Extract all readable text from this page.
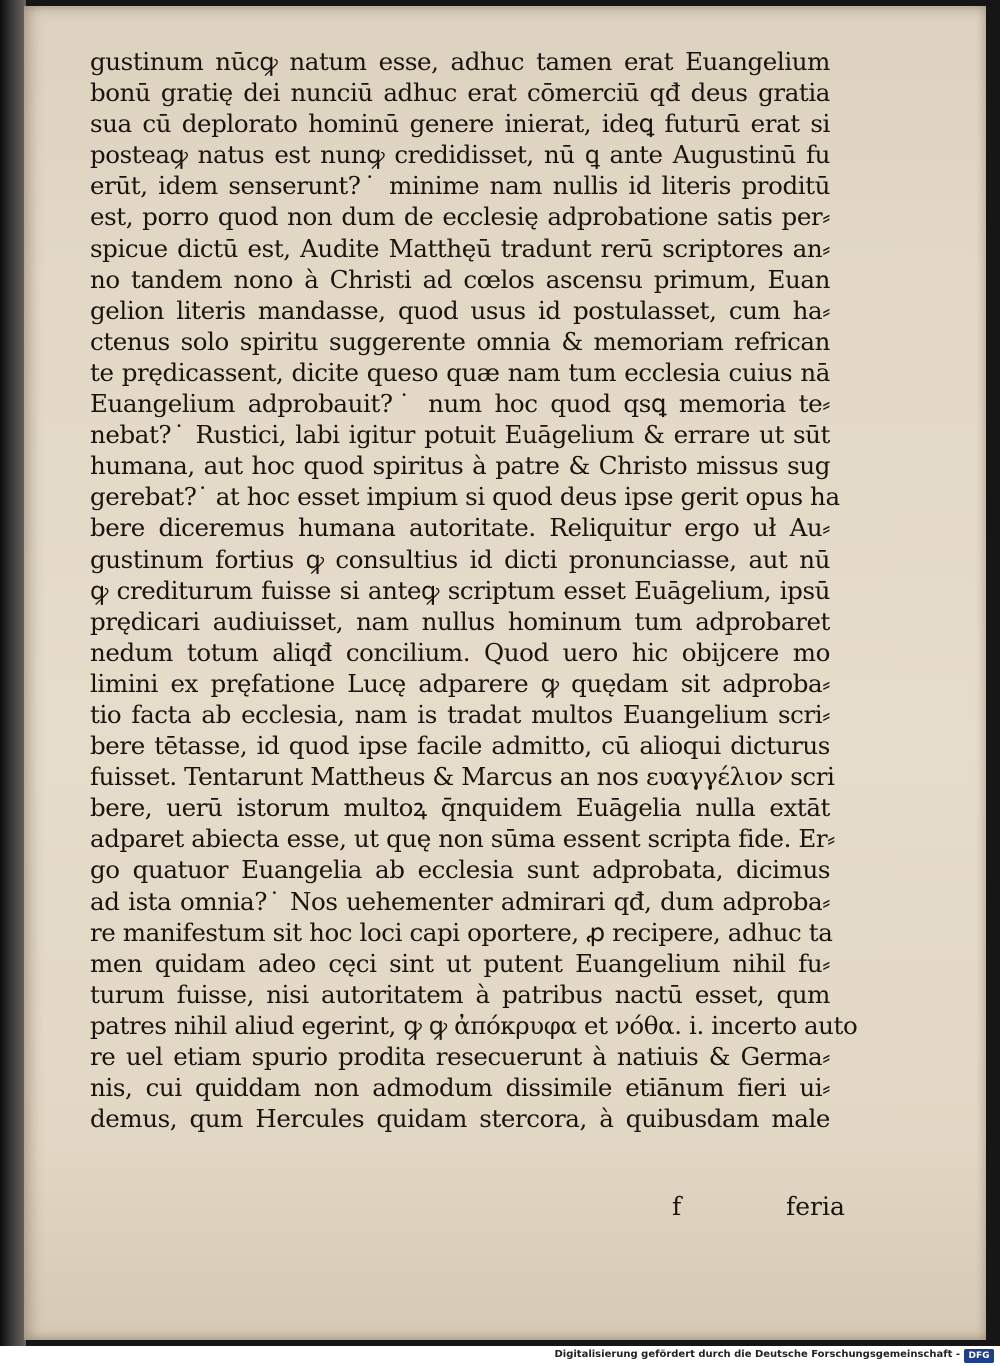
gustinum nūcꝙ natum esse, adhuc tamen erat Euangelium
bonū gratię dei nunciū adhuc erat cōmerciū qđ deus gratia
sua cū deplorato hominū genere inierat, ideꝗ futurū erat si
posteaꝙ natus est nunꝙ credidisset, nū ꝗ ante Augustinū fu
erūt, idem senserunt?˙ minime nam nullis id literis proditū
est, porro quod non dum de ecclesię adprobatione satis per⸗
spicue dictū est, Audite Matthęū tradunt rerū scriptores an⸗
no tandem nono à Christi ad cœlos ascensu primum, Euan
gelion literis mandasse, quod usus id postulasset, cum ha⸗
ctenus solo spiritu suggerente omnia & memoriam refrican
te prędicassent, dicite queso quæ nam tum ecclesia cuius nā
Euangelium adprobauit?˙ num hoc quod qsꝗ memoria te⸗
nebat?˙ Rustici, labi igitur potuit Euāgelium & errare ut sūt
humana, aut hoc quod spiritus à patre & Christo missus sug
gerebat?˙ at hoc esset impium si quod deus ipse gerit opus ha
bere diceremus humana autoritate. Reliquitur ergo uł Au⸗
gustinum fortius ꝙ consultius id dicti pronunciasse, aut nū
ꝙ crediturum fuisse si anteꝙ scriptum esset Euāgelium, ipsū
prędicari audiuisset, nam nullus hominum tum adprobaret
nedum totum aliqđ concilium. Quod uero hic obijcere mo
limini ex pręfatione Lucę adparere ꝙ quędam sit adproba⸗
tio facta ab ecclesia, nam is tradat multos Euangelium scri⸗
bere tētasse, id quod ipse facile admitto, cū alioqui dicturus
fuisset. Tentarunt Mattheus & Marcus an nos ευαγγέλιον scri
bere, uerū istorum multoꝝ q̄nquidem Euāgelia nulla extāt
adparet abiecta esse, ut quę non sūma essent scripta fide. Er⸗
go quatuor Euangelia ab ecclesia sunt adprobata, dicimus
ad ista omnia?˙ Nos uehementer admirari qđ, dum adproba⸗
re manifestum sit hoc loci capi oportere, ꝓ recipere, adhuc ta
men quidam adeo cęci sint ut putent Euangelium nihil fu⸗
turum fuisse, nisi autoritatem à patribus nactū esset, qum
patres nihil aliud egerint, ꝙ ꝙ ἀπόκρυφα et νόθα. i. incerto auto
re uel etiam spurio prodita resecuerunt à natiuis & Germa⸗
nis, cui quiddam non admodum dissimile etiānum fieri ui⸗
demus, qum Hercules quidam stercora, à quibusdam male
f	feria
Digitalisierung gefördert durch die Deutsche Forschungsgemeinschaft - DFG
